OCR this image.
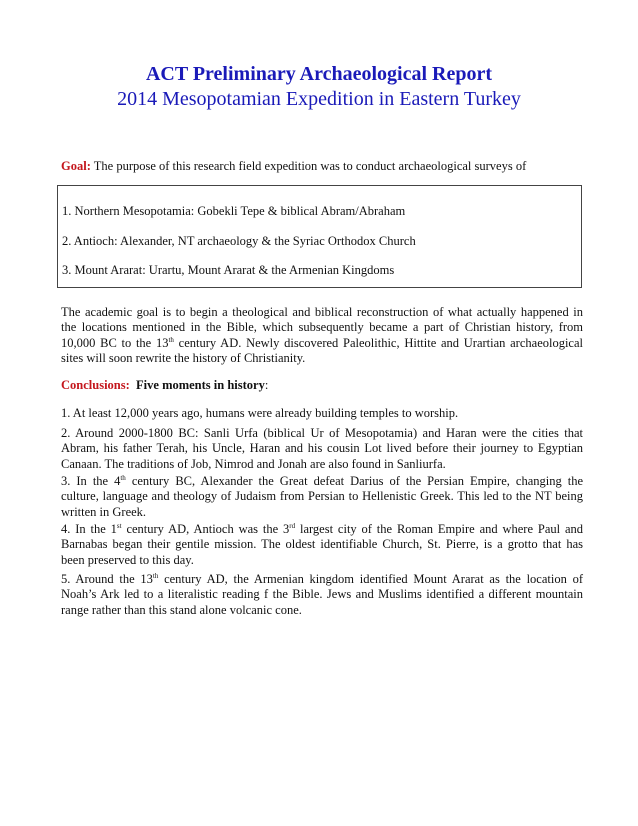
ACT Preliminary Archaeological Report
2014 Mesopotamian Expedition in Eastern Turkey
Goal: The purpose of this research field expedition was to conduct archaeological surveys of
1. Northern Mesopotamia: Gobekli Tepe & biblical Abram/Abraham
2. Antioch: Alexander, NT archaeology & the Syriac Orthodox Church
3. Mount Ararat: Urartu, Mount Ararat & the Armenian Kingdoms
The academic goal is to begin a theological and biblical reconstruction of what actually happened in
the locations mentioned in the Bible, which subsequently became a part of Christian history, from
10,000 BC to the 13th century AD. Newly discovered Paleolithic, Hittite and Urartian archaeological
sites will soon rewrite the history of Christianity.
Conclusions: Five moments in history:
1. At least 12,000 years ago, humans were already building temples to worship.
2. Around 2000-1800 BC: Sanli Urfa (biblical Ur of Mesopotamia) and Haran were the cities that
Abram, his father Terah, his Uncle, Haran and his cousin Lot lived before their journey to Egyptian
Canaan. The traditions of Job, Nimrod and Jonah are also found in Sanliurfa.
3. In the 4th century BC, Alexander the Great defeat Darius of the Persian Empire, changing the
culture, language and theology of Judaism from Persian to Hellenistic Greek. This led to the NT being
written in Greek.
4. In the 1st century AD, Antioch was the 3rd largest city of the Roman Empire and where Paul and
Barnabas began their gentile mission. The oldest identifiable Church, St. Pierre, is a grotto that has
been preserved to this day.
5. Around the 13th century AD, the Armenian kingdom identified Mount Ararat as the location of
Noah’s Ark led to a literalistic reading f the Bible. Jews and Muslims identified a different mountain
range rather than this stand alone volcanic cone.
